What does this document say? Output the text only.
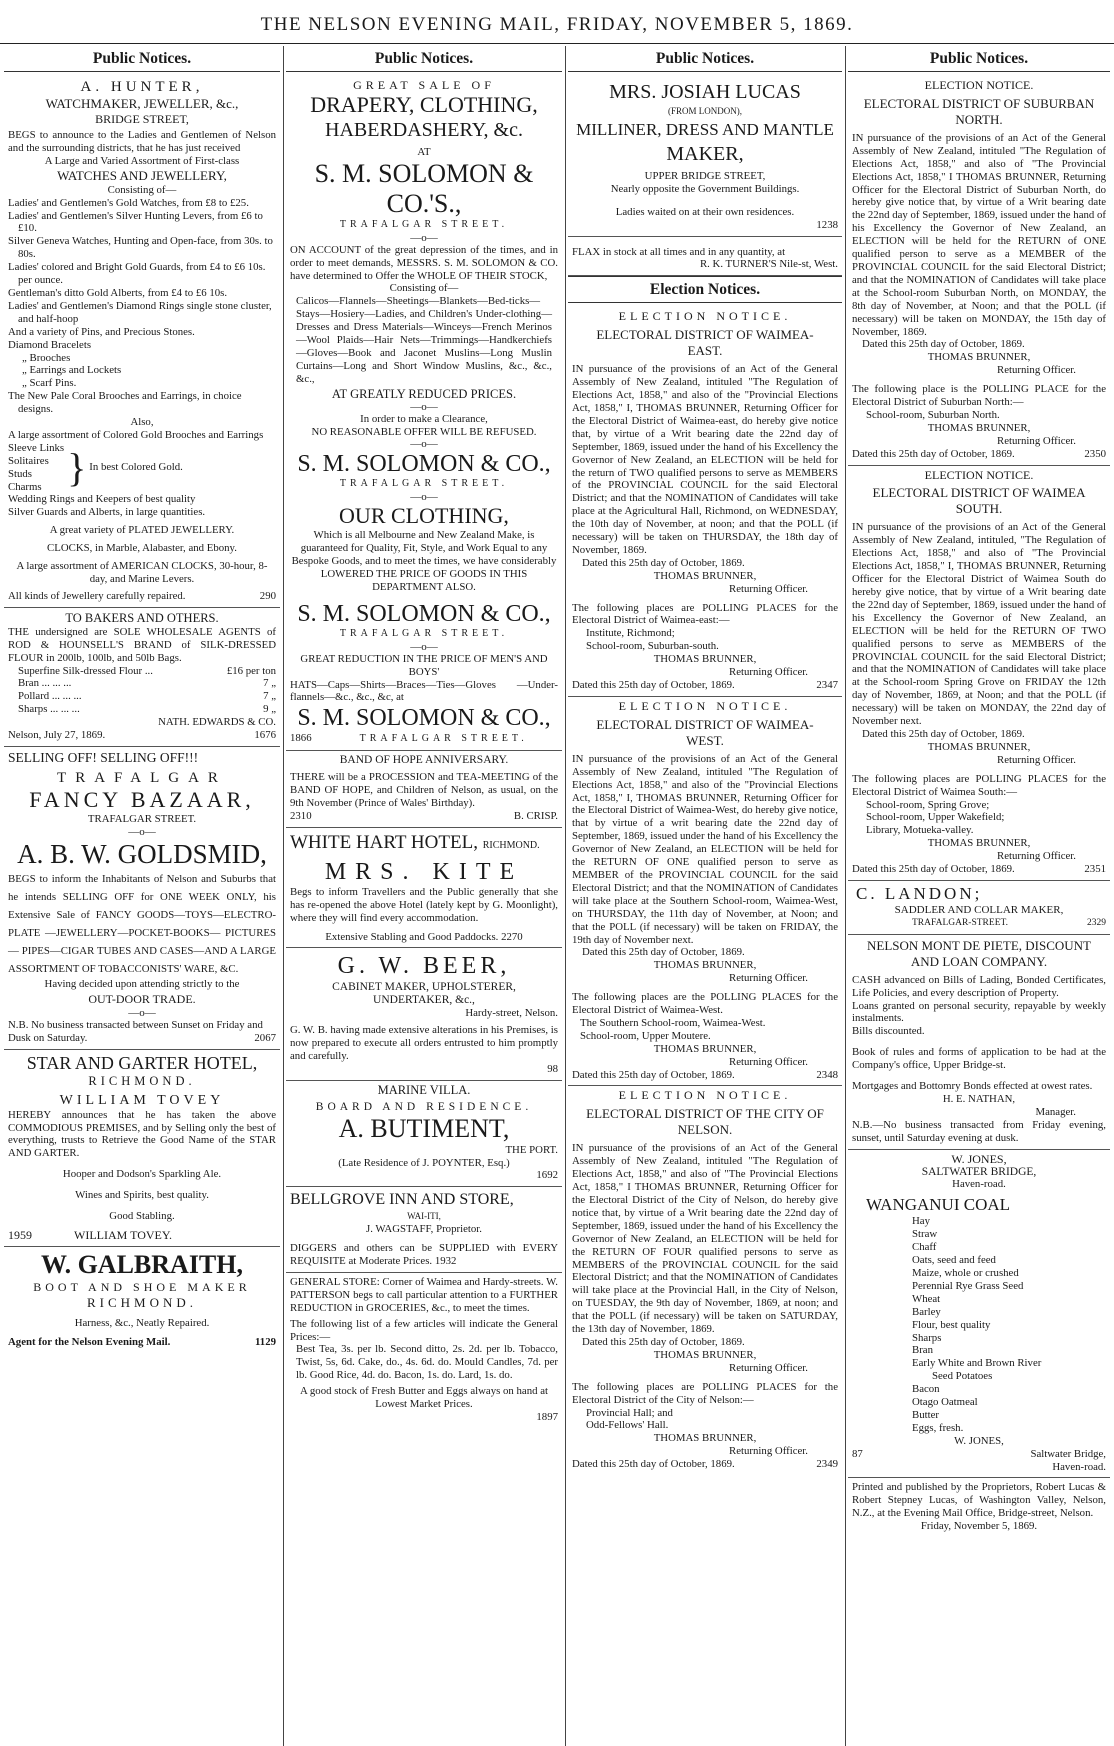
THE NELSON EVENING MAIL, FRIDAY, NOVEMBER 5, 1869.
Public Notices.
A. HUNTER,
WATCHMAKER, JEWELLER, &c.,
BRIDGE STREET,

BEGS to announce to the Ladies and Gentlemen of Nelson and the surrounding districts, that he has just received

A Large and Varied Assortment of First-class

WATCHES AND JEWELLERY,

Consisting of—

Ladies' and Gentlemen's Gold Watches, from £8 to £25.

Ladies' and Gentlemen's Silver Hunting Levers, from £6 to £10.

Silver Geneva Watches, Hunting and Open-face, from 30s. to 80s.

Ladies' colored and Bright Gold Guards, from £4 to £6 10s. per ounce.

Gentleman's ditto Gold Alberts, from £4 to £6 10s.

Ladies' and Gentlemen's Diamond Rings single stone cluster, and half-hoop

And a variety of Pins, and Precious Stones.

Diamond Bracelets

„ Brooches

„ Earrings and Lockets

„ Scarf Pins.

The New Pale Coral Brooches and Earrings, in choice designs.

Also,

A large assortment of Colored Gold Brooches and Earrings

Sleeve Links

Solitaires

Studs

Charms } In best Colored Gold.

Wedding Rings and Keepers of best quality

Silver Guards and Alberts, in large quantities.

A great variety of PLATED JEWELLERY.

CLOCKS, in Marble, Alabaster, and Ebony.

A large assortment of AMERICAN CLOCKS, 30-hour, 8-day, and Marine Levers.

All kinds of Jewellery carefully repaired.	290

TO BAKERS AND OTHERS.

THE undersigned are SOLE WHOLESALE AGENTS of ROD & HOUNSELL'S BRAND of SILK-DRESSED FLOUR in 200lb, 100lb, and 50lb Bags.

Superfine Silk-dressed Flour ...	£16 per ton
Bran ... ... ...	7 „
Pollard ... ... ...	7 „
Sharps ... ... ...	9 „

NATH. EDWARDS & CO.

Nelson, July 27, 1869.	1676

SELLING OFF! SELLING OFF!!!
TRAFALGAR
FANCY BAZAAR,

TRAFALGAR STREET.

—o—
A. B. W. GOLDSMID,

BEGS to inform the Inhabitants of Nelson and Suburbs that he intends SELLING OFF for ONE WEEK ONLY, his Extensive Sale of FANCY GOODS—TOYS—ELECTRO-PLATE —JEWELLERY—POCKET-BOOKS— PICTURES — PIPES—CIGAR TUBES AND CASES—AND A LARGE ASSORTMENT OF TOBACCONISTS' WARE, &C.

Having decided upon attending strictly to the

OUT-DOOR TRADE.

—o—

N.B. No business transacted between Sunset on Friday and Dusk on Saturday.	2067

STAR AND GARTER HOTEL,
RICHMOND.
WILLIAM TOVEY

HEREBY announces that he has taken the above COMMODIOUS PREMISES, and by Selling only the best of everything, trusts to Retrieve the Good Name of the STAR AND GARTER.

Hooper and Dodson's Sparkling Ale.

Wines and Spirits, best quality.

Good Stabling.

1959	WILLIAM TOVEY.

W. GALBRAITH,
BOOT AND SHOE MAKER
RICHMOND.

Harness, &c., Neatly Repaired.

Agent for the Nelson Evening Mail.	1129

Public Notices.

GREAT SALE OF

DRAPERY, CLOTHING,
HABERDASHERY, &c.

AT

S. M. SOLOMON & CO.'S.,

TRAFALGAR STREET.

—o—

ON ACCOUNT of the great depression of the times, and in order to meet demands, MESSRS. S. M. SOLOMON & CO. have determined to Offer the WHOLE OF THEIR STOCK,

Consisting of—

Calicos—Flannels—Sheetings—Blankets—Bed-ticks—Stays—Hosiery—Ladies, and Children's Under-clothing—Dresses and Dress Materials—Winceys—French Merinos—Wool Plaids—Hair Nets—Trimmings—Handkerchiefs—Gloves—Book and Jaconet Muslins—Long Muslin Curtains—Long and Short Window Muslins, &c., &c., &c.,

AT GREATLY REDUCED PRICES.

—o—

In order to make a Clearance,

NO REASONABLE OFFER WILL BE REFUSED.

—o—
S. M. SOLOMON & CO.,

TRAFALGAR STREET.

—o—
OUR CLOTHING,

Which is all Melbourne and New Zealand Make, is guaranteed for Quality, Fit, Style, and Work Equal to any Bespoke Goods, and to meet the times, we have considerably

LOWERED THE PRICE OF GOODS IN THIS DEPARTMENT ALSO.

S. M. SOLOMON & CO.,

TRAFALGAR STREET.

—o—

GREAT REDUCTION IN THE PRICE OF MEN'S AND BOYS'

HATS—Caps—Shirts—Braces—Ties—Gloves —Under-flannels—&c., &c., &c, at

S. M. SOLOMON & CO.,

1866	TRAFALGAR STREET.

BAND OF HOPE ANNIVERSARY.

THERE will be a PROCESSION and TEA-MEETING of the BAND OF HOPE, and Children of Nelson, as usual, on the 9th November (Prince of Wales' Birthday).

2310	B. CRISP.

WHITE HART HOTEL, RICHMOND.
MRS. KITE

Begs to inform Travellers and the Public generally that she has re-opened the above Hotel (lately kept by G. Moonlight), where they will find every accommodation.

Extensive Stabling and Good Paddocks. 2270

G. W. BEER,

CABINET MAKER, UPHOLSTERER,

UNDERTAKER, &c.,

Hardy-street, Nelson.

G. W. B. having made extensive alterations in his Premises, is now prepared to execute all orders entrusted to him promptly and carefully.

98

MARINE VILLA.

BOARD AND RESIDENCE.

A. BUTIMENT,

THE PORT.

(Late Residence of J. POYNTER, Esq.)

1692

BELLGROVE INN AND STORE,

WAI-ITI,

J. WAGSTAFF, Proprietor.

DIGGERS and others can be SUPPLIED with EVERY REQUISITE at Moderate Prices. 1932

GENERAL STORE: Corner of Waimea and Hardy-streets. W. PATTERSON begs to call particular attention to a FURTHER REDUCTION in GROCERIES, &c., to meet the times.

The following list of a few articles will indicate the General Prices:—

Best Tea, 3s. per lb. Second ditto, 2s. 2d. per lb. Tobacco, Twist, 5s, 6d. Cake, do., 4s. 6d. do. Mould Candles, 7d. per lb. Good Rice, 4d. do. Bacon, 1s. do. Lard, 1s. do.

A good stock of Fresh Butter and Eggs always on hand at Lowest Market Prices.

1897

Public Notices.
MRS. JOSIAH LUCAS

(FROM LONDON),

MILLINER, DRESS AND MANTLE
MAKER,

UPPER BRIDGE STREET,

Nearly opposite the Government Buildings.

Ladies waited on at their own residences.

1238

FLAX in stock at all times and in any quantity, at

R. K. TURNER'S Nile-st, West.

Election Notices.

ELECTION NOTICE.

ELECTORAL DISTRICT OF WAIMEA-EAST.

IN pursuance of the provisions of an Act of the General Assembly of New Zealand, intituled "The Regulation of Elections Act, 1858," and also of the "Provincial Elections Act, 1858," I, THOMAS BRUNNER, Returning Officer for the Electoral District of Waimea-east, do hereby give notice that, by virtue of a Writ bearing date the 22nd day of September, 1869, issued under the hand of his Excellency the Governor of New Zealand, an ELECTION will be held for the return of TWO qualified persons to serve as MEMBERS of the PROVINCIAL COUNCIL for the said Electoral District; and that the NOMINATION of Candidates will take place at the Agricultural Hall, Richmond, on WEDNESDAY, the 10th day of November, at noon; and that the POLL (if necessary) will be taken on THURSDAY, the 18th day of November, 1869.

Dated this 25th day of October, 1869.

THOMAS BRUNNER,

Returning Officer.

The following places are POLLING PLACES for the Electoral District of Waimea-east:—

Institute, Richmond;

School-room, Suburban-south.

THOMAS BRUNNER,

Returning Officer.

Dated this 25th day of October, 1869.	2347

ELECTION NOTICE.

ELECTORAL DISTRICT OF WAIMEA-WEST.

IN pursuance of the provisions of an Act of the General Assembly of New Zealand, intituled "The Regulation of Elections Act, 1858," and also of the "Provincial Elections Act, 1858," I, THOMAS BRUNNER, Returning Officer for the Electoral District of Waimea-West, do hereby give notice, that by virtue of a writ bearing date the 22nd day of September, 1869, issued under the hand of his Excellency the Governor of New Zealand, an ELECTION will be held for the RETURN OF ONE qualified person to serve as MEMBER of the PROVINCIAL COUNCIL for the said Electoral District; and that the NOMINATION of Candidates will take place at the Southern School-room, Waimea-West, on THURSDAY, the 11th day of November, at Noon; and that the POLL (if necessary) will be taken on FRIDAY, the 19th day of November next.

Dated this 25th day of October, 1869.

THOMAS BRUNNER,

Returning Officer.

The following places are the POLLING PLACES for the Electoral District of Waimea-West.

The Southern School-room, Waimea-West.

School-room, Upper Moutere.

THOMAS BRUNNER,

Returning Officer.

Dated this 25th day of October, 1869.	2348

ELECTION NOTICE.

ELECTORAL DISTRICT OF THE CITY OF NELSON.

IN pursuance of the provisions of an Act of the General Assembly of New Zealand, intituled "The Regulation of Elections Act, 1858," and also of "The Provincial Elections Act, 1858," I THOMAS BRUNNER, Returning Officer for the Electoral District of the City of Nelson, do hereby give notice that, by virtue of a Writ bearing date the 22nd day of September, 1869, issued under the hand of his Excellency the Governor of New Zealand, an ELECTION will be held for the RETURN OF FOUR qualified persons to serve as MEMBERS of the PROVINCIAL COUNCIL for the said Electoral District; and that the NOMINATION of Candidates will take place at the Provincial Hall, in the City of Nelson, on TUESDAY, the 9th day of November, 1869, at noon; and that the POLL (if necessary) will be taken on SATURDAY, the 13th day of November, 1869.

Dated this 25th day of October, 1869.

THOMAS BRUNNER,

Returning Officer.

The following places are POLLING PLACES for the Electoral District of the City of Nelson:—

Provincial Hall; and

Odd-Fellows' Hall.

THOMAS BRUNNER,

Returning Officer.

Dated this 25th day of October, 1869.	2349

Public Notices.

ELECTION NOTICE.

ELECTORAL DISTRICT OF SUBURBAN NORTH.

IN pursuance of the provisions of an Act of the General Assembly of New Zealand, intituled "The Regulation of Elections Act, 1858," and also of "The Provincial Elections Act, 1858," I THOMAS BRUNNER, Returning Officer for the Electoral District of Suburban North, do hereby give notice that, by virtue of a Writ bearing date the 22nd day of September, 1869, issued under the hand of his Excellency the Governor of New Zealand, an ELECTION will be held for the RETURN of ONE qualified person to serve as a MEMBER of the PROVINCIAL COUNCIL for the said Electoral District; and that the NOMINATION of Candidates will take place at the School-room Suburban North, on MONDAY, the 8th day of November, at Noon; and that the POLL (if necessary) will be taken on MONDAY, the 15th day of November, 1869.

Dated this 25th day of October, 1869.

THOMAS BRUNNER,

Returning Officer.

The following place is the POLLING PLACE for the Electoral District of Suburban North:—

School-room, Suburban North.

THOMAS BRUNNER,

Returning Officer.

Dated this 25th day of October, 1869.	2350

ELECTION NOTICE.

ELECTORAL DISTRICT OF WAIMEA SOUTH.

IN pursuance of the provisions of an Act of the General Assembly of New Zealand, intituled, "The Regulation of Elections Act, 1858," and also of "The Provincial Elections Act, 1858," I, THOMAS BRUNNER, Returning Officer for the Electoral District of Waimea South do hereby give notice, that by virtue of a Writ bearing date the 22nd day of September, 1869, issued under the hand of his Excellency the Governor of New Zealand, an ELECTION will be held for the RETURN OF TWO qualified persons to serve as MEMBERS of the PROVINCIAL COUNCIL for the said Electoral District; and that the NOMINATION of Candidates will take place at the School-room Spring Grove on FRIDAY the 12th day of November, 1869, at Noon; and that the POLL (if necessary) will be taken on MONDAY, the 22nd day of November next.

Dated this 25th day of October, 1869.

THOMAS BRUNNER,

Returning Officer.

The following places are POLLING PLACES for the Electoral District of Waimea South:—

School-room, Spring Grove;

School-room, Upper Wakefield;

Library, Motueka-valley.

THOMAS BRUNNER,

Returning Officer.

Dated this 25th day of October, 1869.	2351

C. LANDON;

SADDLER AND COLLAR MAKER,

TRAFALGAR-STREET.	2329

NELSON MONT DE PIETE, DISCOUNT AND LOAN COMPANY.

CASH advanced on Bills of Lading, Bonded Certificates, Life Policies, and every description of Property.

Loans granted on personal security, repayable by weekly instalments.

Bills discounted.

Book of rules and forms of application to be had at the Company's office, Upper Bridge-st.

Mortgages and Bottomry Bonds effected at owest rates.

H. E. NATHAN,

Manager.

N.B.—No business transacted from Friday evening, sunset, until Saturday evening at dusk.

W. JONES,

SALTWATER BRIDGE,

Haven-road.

WANGANUI COAL

Hay

Straw

Chaff

Oats, seed and feed

Maize, whole or crushed

Perennial Rye Grass Seed

Wheat

Barley

Flour, best quality

Sharps

Bran

Early White and Brown River

Seed Potatoes

Bacon

Otago Oatmeal

Butter

Eggs, fresh.

W. JONES,

87	Saltwater Bridge,

Haven-road.

Printed and published by the Proprietors, Robert Lucas & Robert Stepney Lucas, of Washington Valley, Nelson, N.Z., at the Evening Mail Office, Bridge-street, Nelson.

Friday, November 5, 1869.
